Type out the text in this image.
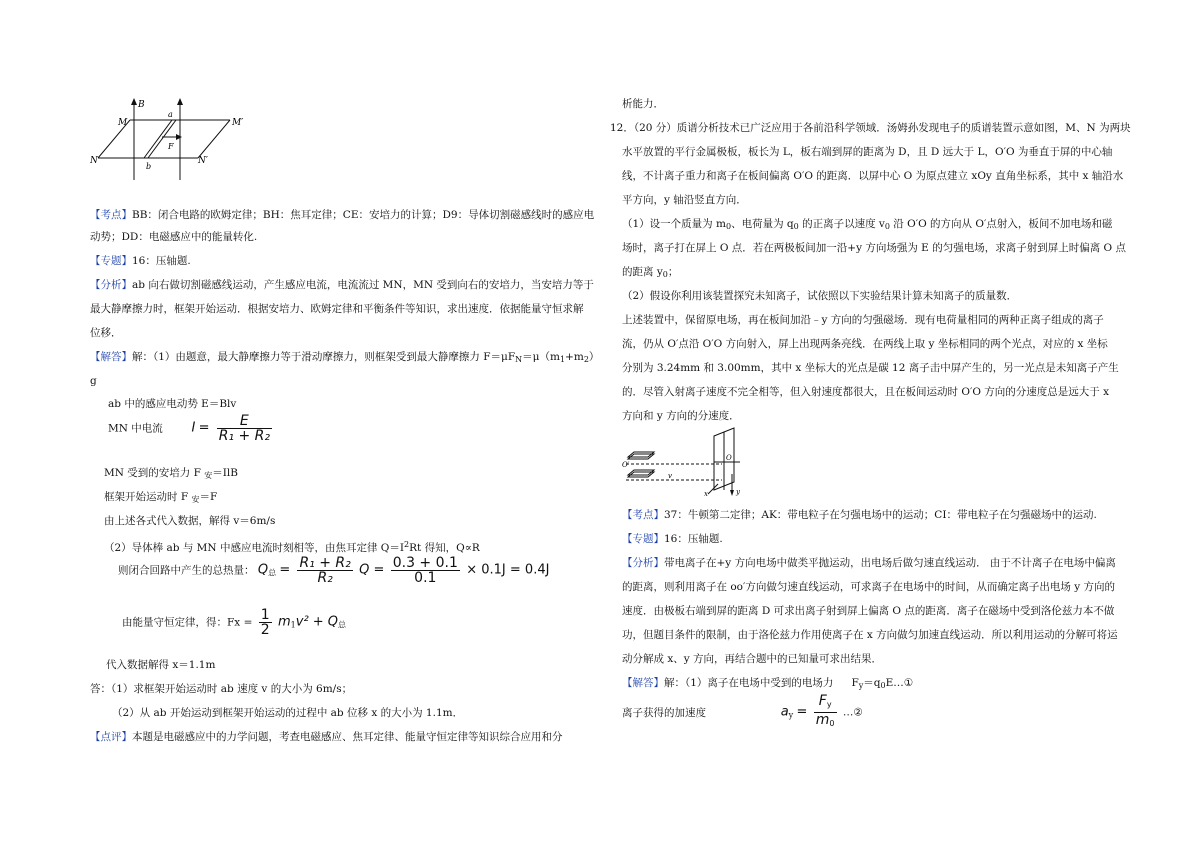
B
M	M′
a
F
N	N′
b
【考点】BB：闭合电路的欧姆定律；BH：焦耳定律；CE：安培力的计算；D9：导体切割磁感线时的感应电
动势；DD：电磁感应中的能量转化.
【专题】16：压轴题.
【分析】ab 向右做切割磁感线运动，产生感应电流，电流流过 MN，MN 受到向右的安培力，当安培力等于
最大静摩擦力时，框架开始运动．根据安培力、欧姆定律和平衡条件等知识，求出速度．依据能量守恒求解
位移．
【解答】解：（1）由题意，最大静摩擦力等于滑动摩擦力，则框架受到最大静摩擦力 $F=\mu F_N=\mu(m_1+m_2)$
g
ab 中的感应电动势 E＝Blv
MN 中电流 $I = \frac{E}{\text{R₁ + R₂}}$
MN 受到的安培力 F $_安$＝IlB
框架开始运动时 F $_安$＝F
由上述各式代入数据，解得 v＝6m/s
（2）导体棒 ab 与 MN 中感应电流时刻相等，由焦耳定律 $Q=I^2Rt$ 得知，Q∝R
则闭合回路中产生的总热量： $Q_总 = \frac{\text{R₁ + R₂}}{\text{R₂}}$ $Q = \frac{0.3 + 0.1}{0.1} \times 0.1J = 0.4J$
由能量守恒定律，得：$Fx = \frac{1}{2} m_1v^2 + Q_总$
代入数据解得 x＝1.1m
答：（1）求框架开始运动时 ab 速度 v 的大小为 6m/s；
（2）从 ab 开始运动到框架开始运动的过程中 ab 位移 x 的大小为 1.1m．
【点评】本题是电磁感应中的力学问题，考查电磁感应、焦耳定律、能量守恒定律等知识综合应用和分
析能力．
12．（20 分）质谱分析技术已广泛应用于各前沿科学领域．汤姆孙发现电子的质谱装置示意如图，M、N 为两块
水平放置的平行金属极板，板长为 L，板右端到屏的距离为 D，且 D 远大于 L，O′O 为垂直于屏的中心轴
线，不计离子重力和离子在板间偏离 O′O 的距离．以屏中心 O 为原点建立 xOy 直角坐标系，其中 x 轴沿水
平方向，y 轴沿竖直方向．
（1）设一个质量为 $m_0$、电荷量为 $q_0$ 的正离子以速度 $v_0$ 沿 O′O 的方向从 O′点射入，板间不加电场和磁
场时，离子打在屏上 O 点．若在两极板间加一沿+y 方向场强为 E 的匀强电场，求离子射到屏上时偏离 O 点
的距离 $y_0$；
（2）假设你利用该装置探究未知离子，试依照以下实验结果计算未知离子的质量数．
上述装置中，保留原电场，再在板间加沿﹣y 方向的匀强磁场．现有电荷量相同的两种正离子组成的离子
流，仍从 O′点沿 O′O 方向射入，屏上出现两条亮线．在两线上取 y 坐标相同的两个光点，对应的 x 坐标
分别为 3.24mm 和 3.00mm，其中 x 坐标大的光点是碳 12 离子击中屏产生的，另一光点是未知离子产生
的．尽管入射离子速度不完全相等，但入射速度都很大，且在板间运动时 O′O 方向的分速度总是远大于 x
方向和 y 方向的分速度．
O′
v
O
x	y
【考点】37：牛顿第二定律；AK：带电粒子在匀强电场中的运动；CI：带电粒子在匀强磁场中的运动.
【专题】16：压轴题.
【分析】带电离子在+y 方向电场中做类平抛运动，出电场后做匀速直线运动． 由于不计离子在电场中偏离
的距离，则利用离子在 oo′方向做匀速直线运动，可求离子在电场中的时间，从而确定离子出电场 y 方向的
速度．由极板右端到屏的距离 D 可求出离子射到屏上偏离 O 点的距离．离子在磁场中受到洛伦兹力本不做
功，但题目条件的限制，由于洛伦兹力作用使离子在 x 方向做匀加速直线运动．所以利用运动的分解可将运
动分解成 x、y 方向，再结合题中的已知量可求出结果．
【解答】解：（1）离子在电场中受到的电场力 $F_y=q_0E\dots ①$
离子获得的加速度	$a_y = \frac{F_y}{m_0}$ …②
